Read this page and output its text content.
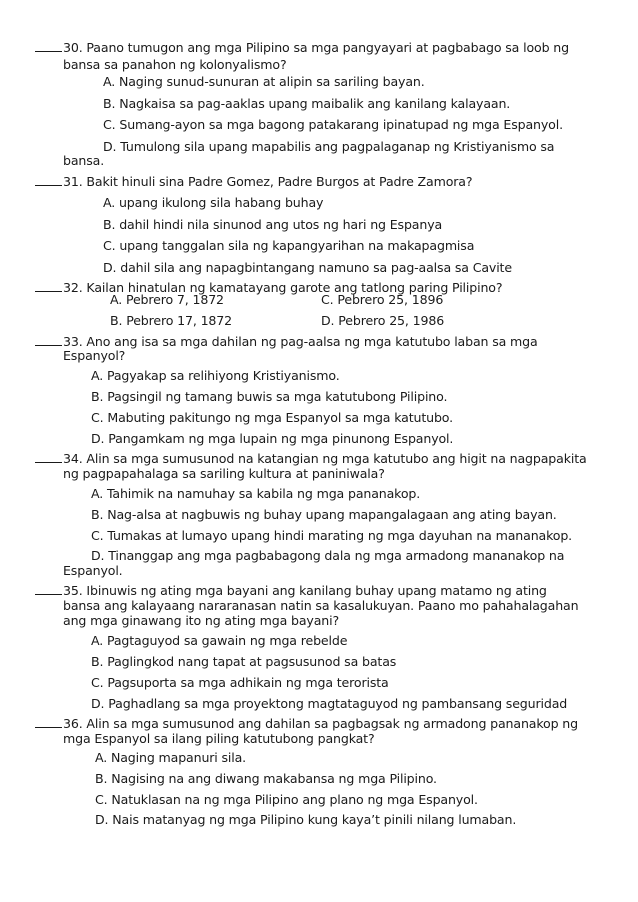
30. Paano tumugon ang mga Pilipino sa mga pangyayari at pagbabago sa loob ng
bansa sa panahon ng kolonyalismo?
A. Naging sunud-sunuran at alipin sa sariling bayan.
B. Nagkaisa sa pag-aaklas upang maibalik ang kanilang kalayaan.
C. Sumang-ayon sa mga bagong patakarang ipinatupad ng mga Espanyol.
D. Tumulong sila upang mapabilis ang pagpalaganap ng Kristiyanismo sa
bansa.
31. Bakit hinuli sina Padre Gomez, Padre Burgos at Padre Zamora?
A. upang ikulong sila habang buhay
B. dahil hindi nila sinunod ang utos ng hari ng Espanya
C. upang tanggalan sila ng kapangyarihan na makapagmisa
D. dahil sila ang napagbintangang namuno sa pag-aalsa sa Cavite
32. Kailan hinatulan ng kamatayang garote ang tatlong paring Pilipino?
A. Pebrero 7, 1872	C. Pebrero 25, 1896
B. Pebrero 17, 1872	D. Pebrero 25, 1986
33. Ano ang isa sa mga dahilan ng pag-aalsa ng mga katutubo laban sa mga
Espanyol?
A. Pagyakap sa relihiyong Kristiyanismo.
B. Pagsingil ng tamang buwis sa mga katutubong Pilipino.
C. Mabuting pakitungo ng mga Espanyol sa mga katutubo.
D. Pangamkam ng mga lupain ng mga pinunong Espanyol.
34. Alin sa mga sumusunod na katangian ng mga katutubo ang higit na nagpapakita
ng pagpapahalaga sa sariling kultura at paniniwala?
A. Tahimik na namuhay sa kabila ng mga pananakop.
B. Nag-alsa at nagbuwis ng buhay upang mapangalagaan ang ating bayan.
C. Tumakas at lumayo upang hindi marating ng mga dayuhan na mananakop.
D. Tinanggap ang mga pagbabagong dala ng mga armadong mananakop na
Espanyol.
35. Ibinuwis ng ating mga bayani ang kanilang buhay upang matamo ng ating
bansa ang kalayaang nararanasan natin sa kasalukuyan. Paano mo pahahalagahan
ang mga ginawang ito ng ating mga bayani?
A. Pagtaguyod sa gawain ng mga rebelde
B. Paglingkod nang tapat at pagsusunod sa batas
C. Pagsuporta sa mga adhikain ng mga terorista
D. Paghadlang sa mga proyektong magtataguyod ng pambansang seguridad
36. Alin sa mga sumusunod ang dahilan sa pagbagsak ng armadong pananakop ng
mga Espanyol sa ilang piling katutubong pangkat?
A. Naging mapanuri sila.
B. Nagising na ang diwang makabansa ng mga Pilipino.
C. Natuklasan na ng mga Pilipino ang plano ng mga Espanyol.
D. Nais matanyag ng mga Pilipino kung kaya’t pinili nilang lumaban.
